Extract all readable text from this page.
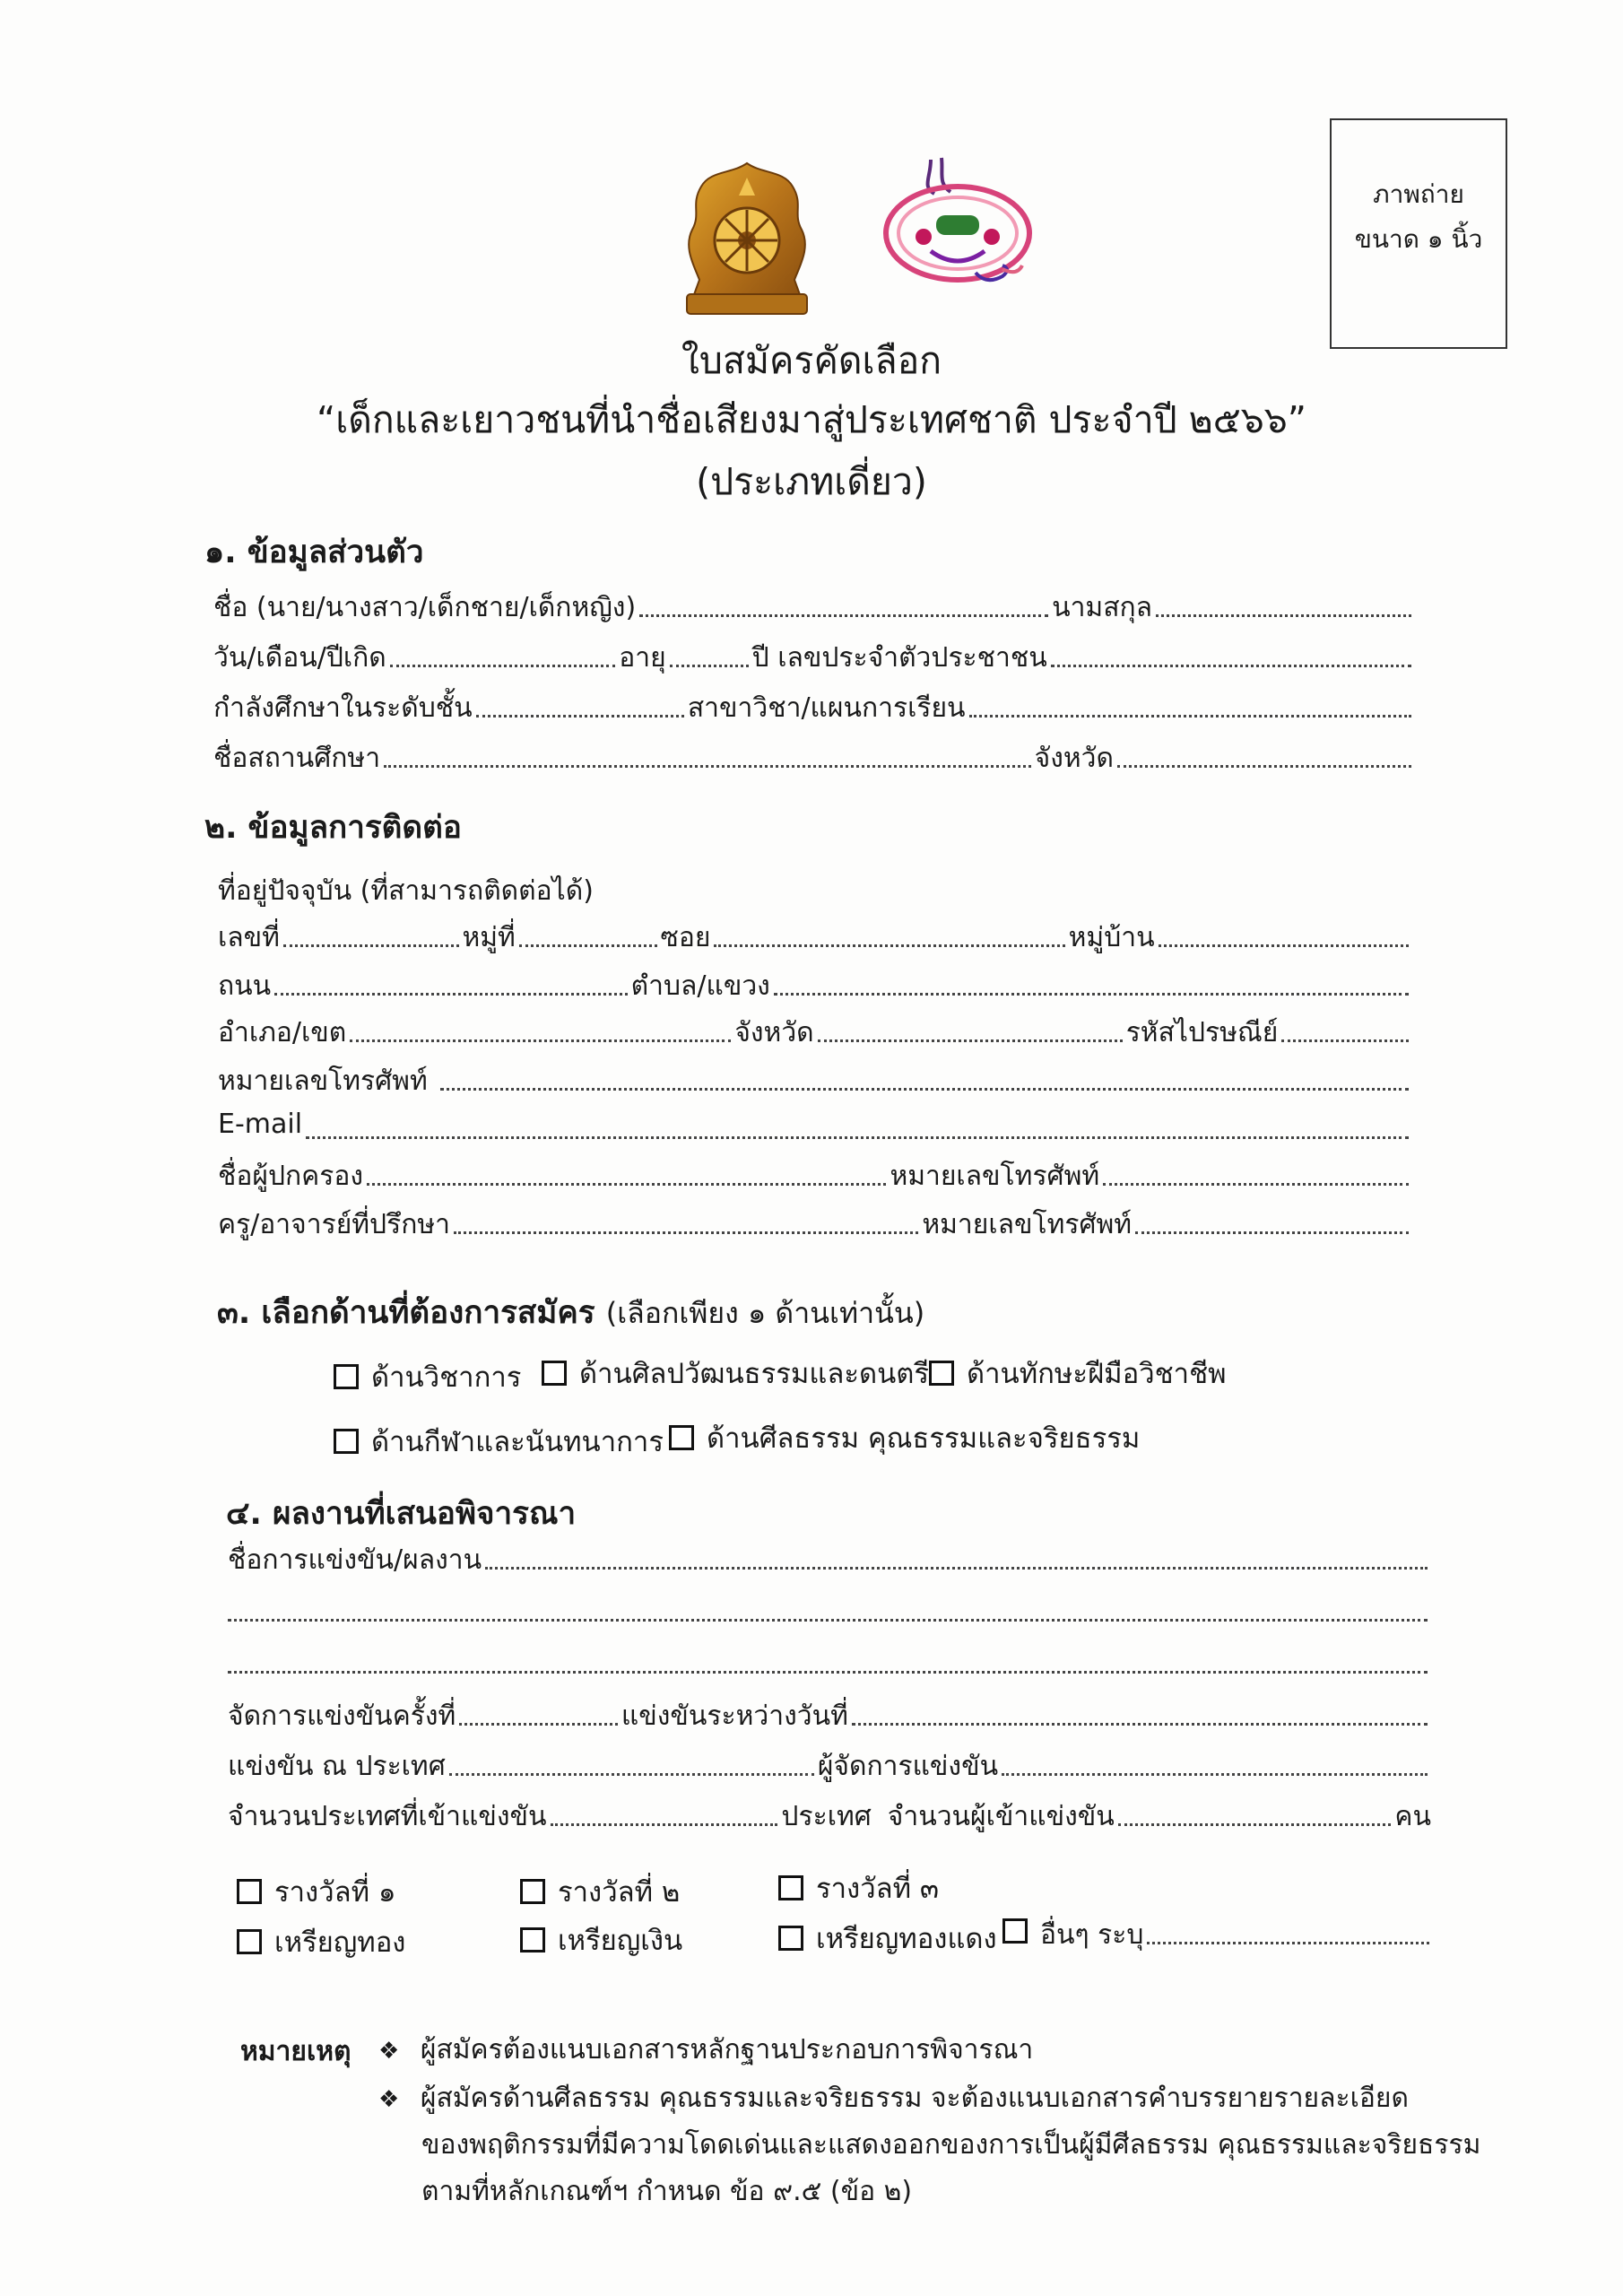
ภาพถ่าย
ขนาด ๑ นิ้ว
ใบสมัครคัดเลือก
“เด็กและเยาวชนที่นำชื่อเสียงมาสู่ประเทศชาติ ประจำปี ๒๕๖๖”
(ประเภทเดี่ยว)
๑. ข้อมูลส่วนตัว
ชื่อ (นาย/นางสาว/เด็กชาย/เด็กหญิง)	นามสกุล
วัน/เดือน/ปีเกิด	อายุ	ปี เลขประจำตัวประชาชน
กำลังศึกษาในระดับชั้น	สาขาวิชา/แผนการเรียน
ชื่อสถานศึกษา	จังหวัด
๒. ข้อมูลการติดต่อ
ที่อยู่ปัจจุบัน (ที่สามารถติดต่อได้)
เลขที่	หมู่ที่	ซอย	หมู่บ้าน
ถนน	ตำบล/แขวง
อำเภอ/เขต	จังหวัด	รหัสไปรษณีย์
หมายเลขโทรศัพท์
E-mail
ชื่อผู้ปกครอง	หมายเลขโทรศัพท์
ครู/อาจารย์ที่ปรึกษา	หมายเลขโทรศัพท์
๓. เลือกด้านที่ต้องการสมัคร (เลือกเพียง ๑ ด้านเท่านั้น)
ด้านวิชาการ	ด้านศิลปวัฒนธรรมและดนตรี	ด้านทักษะฝีมือวิชาชีพ
ด้านกีฬาและนันทนาการ	ด้านศีลธรรม คุณธรรมและจริยธรรม
๔. ผลงานที่เสนอพิจารณา
ชื่อการแข่งขัน/ผลงาน
จัดการแข่งขันครั้งที่	แข่งขันระหว่างวันที่
แข่งขัน ณ ประเทศ	ผู้จัดการแข่งขัน
จำนวนประเทศที่เข้าแข่งขัน	ประเทศ จำนวนผู้เข้าแข่งขัน	คน
รางวัลที่ ๑	รางวัลที่ ๒	รางวัลที่ ๓
เหรียญทอง	เหรียญเงิน	เหรียญทองแดง อื่นๆ ระบุ
หมายเหตุ ❖ ผู้สมัครต้องแนบเอกสารหลักฐานประกอบการพิจารณา
❖ ผู้สมัครด้านศีลธรรม คุณธรรมและจริยธรรม จะต้องแนบเอกสารคำบรรยายรายละเอียด
ของพฤติกรรมที่มีความโดดเด่นและแสดงออกของการเป็นผู้มีศีลธรรม คุณธรรมและจริยธรรม
ตามที่หลักเกณฑ์ฯ กำหนด ข้อ ๙.๕ (ข้อ ๒)
